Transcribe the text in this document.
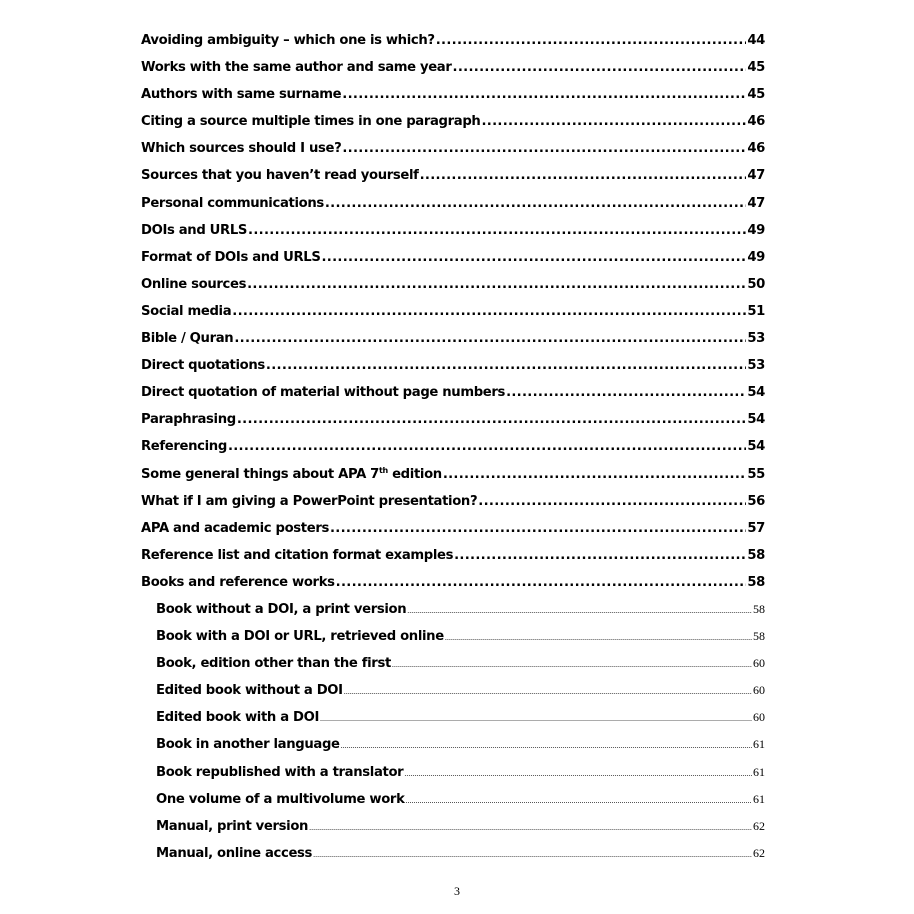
Avoiding ambiguity – which one is which? .....	44
Works with the same author and same year .....	45
Authors with same surname .....	45
Citing a source multiple times in one paragraph .....	46
Which sources should I use? .....	46
Sources that you haven’t read yourself .....	47
Personal communications .....	47
DOIs and URLS .....	49
Format of DOIs and URLS .....	49
Online sources .....	50
Social media .....	51
Bible / Quran .....	53
Direct quotations .....	53
Direct quotation of material without page numbers .....	54
Paraphrasing .....	54
Referencing .....	54
Some general things about APA 7th edition .....	55
What if I am giving a PowerPoint presentation? .....	56
APA and academic posters .....	57
Reference list and citation format examples .....	58
Books and reference works .....	58
Book without a DOI, a print version .....	58
Book with a DOI or URL, retrieved online .....	58
Book, edition other than the first .....	60
Edited book without a DOI .....	60
Edited book with a DOI .....	60
Book in another language .....	61
Book republished with a translator .....	61
One volume of a multivolume work .....	61
Manual, print version .....	62
Manual, online access .....	62
3
